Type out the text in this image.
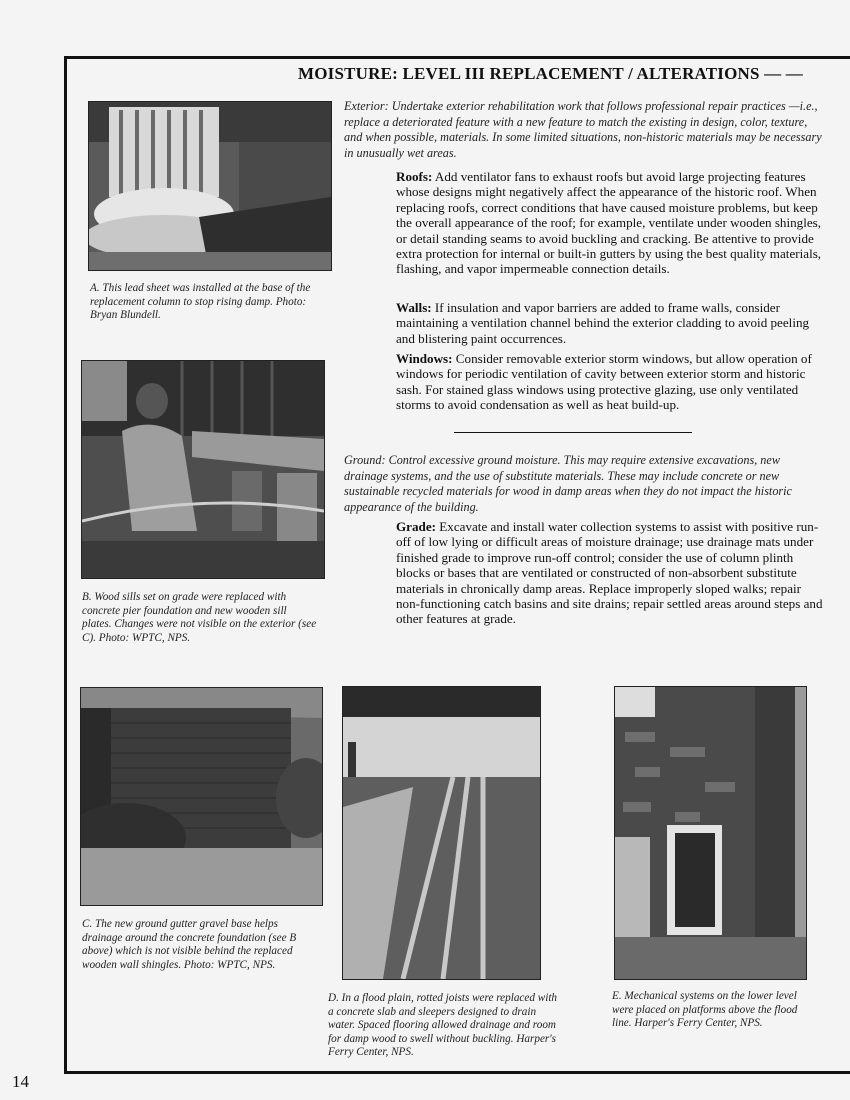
MOISTURE: LEVEL III REPLACEMENT / ALTERATIONS — —
A. This lead sheet was installed at the base of the replacement column to stop rising damp. Photo: Bryan Blundell.
B. Wood sills set on grade were replaced with concrete pier foundation and new wooden sill plates. Changes were not visible on the exterior (see C). Photo: WPTC, NPS.
Exterior: Undertake exterior rehabilitation work that follows professional repair practices —i.e., replace a deteriorated feature with a new feature to match the existing in design, color, texture, and when possible, materials. In some limited situations, non-historic materials may be necessary in unusually wet areas.
Roofs: Add ventilator fans to exhaust roofs but avoid large projecting features whose designs might negatively affect the appearance of the historic roof. When replacing roofs, correct conditions that have caused moisture problems, but keep the overall appearance of the roof; for example, ventilate under wooden shingles, or detail standing seams to avoid buckling and cracking. Be attentive to provide extra protection for internal or built-in gutters by using the best quality materials, flashing, and vapor impermeable connection details.
Walls: If insulation and vapor barriers are added to frame walls, consider maintaining a ventilation channel behind the exterior cladding to avoid peeling and blistering paint occurrences.
Windows: Consider removable exterior storm windows, but allow operation of windows for periodic ventilation of cavity between exterior storm and historic sash. For stained glass windows using protective glazing, use only ventilated storms to avoid condensation as well as heat build-up.
Ground: Control excessive ground moisture. This may require extensive excavations, new drainage systems, and the use of substitute materials. These may include concrete or new sustainable recycled materials for wood in damp areas when they do not impact the historic appearance of the building.
Grade: Excavate and install water collection systems to assist with positive run-off of low lying or difficult areas of moisture drainage; use drainage mats under finished grade to improve run-off control; consider the use of column plinth blocks or bases that are ventilated or constructed of non-absorbent substitute materials in chronically damp areas. Replace improperly sloped walks; repair non-functioning catch basins and site drains; repair settled areas around steps and other features at grade.
C. The new ground gutter gravel base helps drainage around the concrete foundation (see B above) which is not visible behind the replaced wooden wall shingles. Photo: WPTC, NPS.
D. In a flood plain, rotted joists were replaced with a concrete slab and sleepers designed to drain water. Spaced flooring allowed drainage and room for damp wood to swell without buckling. Harper's Ferry Center, NPS.
E. Mechanical systems on the lower level were placed on platforms above the flood line. Harper's Ferry Center, NPS.
14
